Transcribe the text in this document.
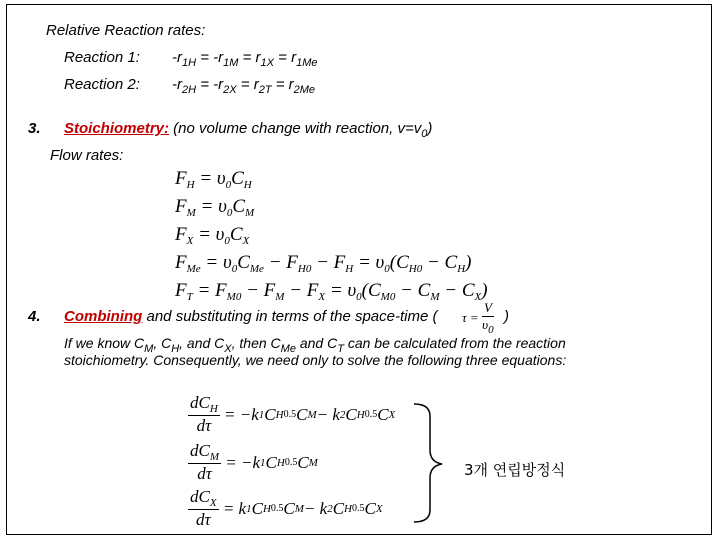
Relative Reaction rates:
Reaction 1: $-r_{1H} = -r_{1M} = r_{1X} = r_{1Me}$
Reaction 2: $-r_{2H} = -r_{2X} = r_{2T} = r_{2Me}$
3. Stoichiometry: (no volume change with reaction, $v=v_0$)
Flow rates:
$F_H = \upsilon_0C_H$
$F_M = \upsilon_0C_M$
$F_X = \upsilon_0C_X$
$F_{Me} = \upsilon_0C_{Me} - F_{H0} - F_H = \upsilon_0(C_{H0} - C_H)$
$F_T = F_{M0} - F_M - F_X = \upsilon_0(C_{M0} - C_M - C_X)$
4. Combining and substituting in terms of the space-time ( $\tau = \frac{V}{\upsilon_0}$ )
If we know $C_M$, $C_H$, and $C_X$, then $C_{Me}$ and $C_T$ can be calculated from the reaction
stoichiometry. Consequently, we need only to solve the following three equations:
$\frac{dC_H}{d\tau} = -k$ 1 C H 0.5 C M − k 2 C H 0.5 C X
$\frac{dC_M}{d\tau} = -k$ 1 C H 0.5 C M
$\frac{dC_X}{d\tau} = k$ 1 C H 0.5 C M − k 2 C H 0.5 C X
3개 연립방정식
